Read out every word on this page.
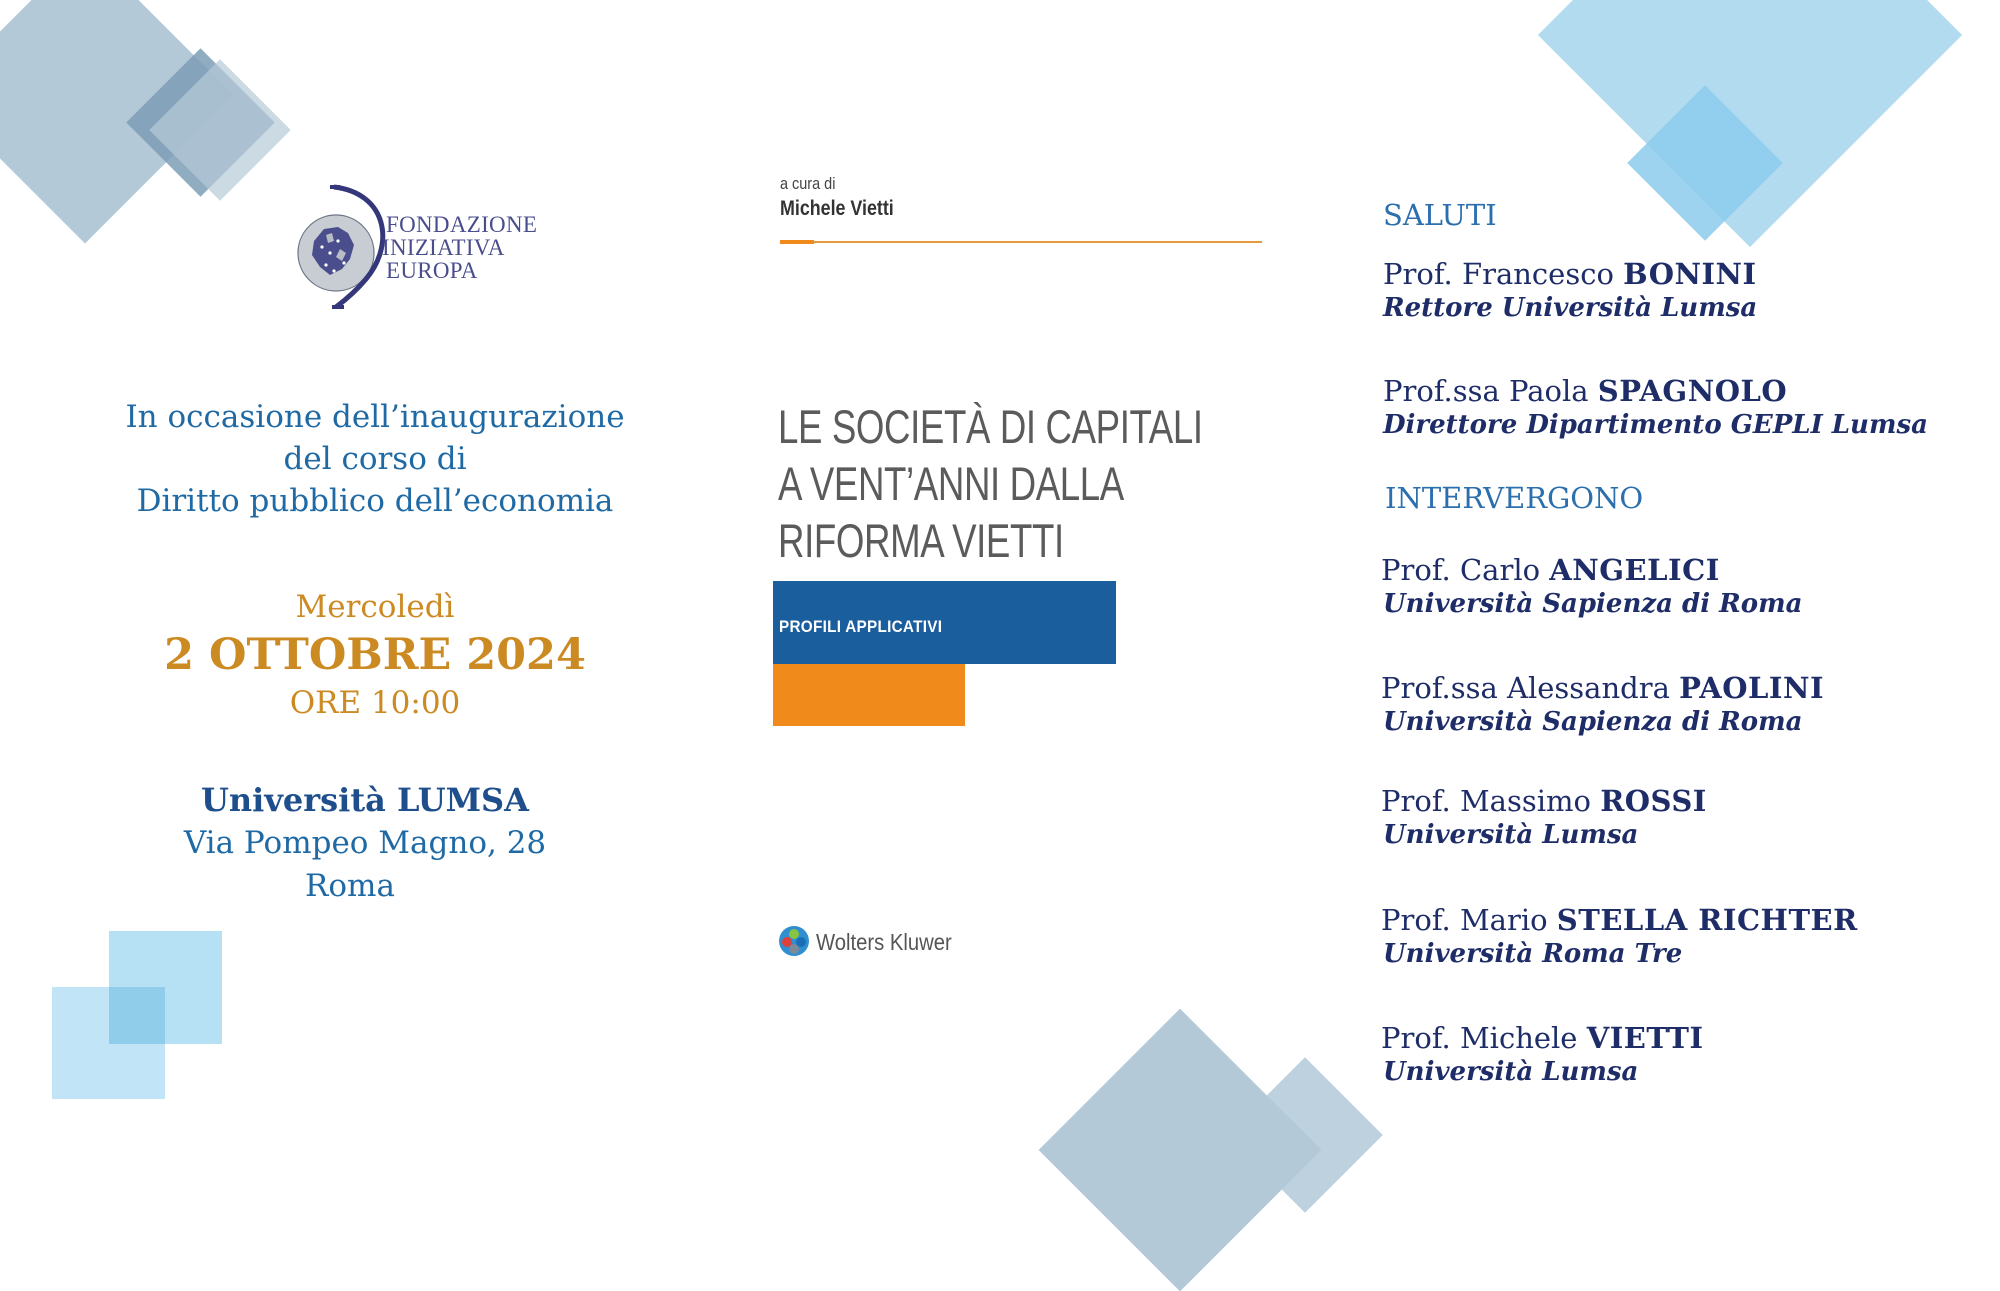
FONDAZIONE
INIZIATIVA
EUROPA
In occasione dell’inaugurazione
del corso di
Diritto pubblico dell’economia
Mercoledì
2 OTTOBRE 2024
ORE 10:00
Università LUMSA
Via Pompeo Magno, 28
Roma
a cura di
Michele Vietti
LE SOCIETÀ DI CAPITALI
A VENT’ANNI DALLA
RIFORMA VIETTI
PROFILI APPLICATIVI
Wolters Kluwer
SALUTI
Prof. Francesco BONINI
Rettore Università Lumsa
Prof.ssa Paola SPAGNOLO
Direttore Dipartimento GEPLI Lumsa
INTERVERGONO
Prof. Carlo ANGELICI
Università Sapienza di Roma
Prof.ssa Alessandra PAOLINI
Università Sapienza di Roma
Prof. Massimo ROSSI
Università Lumsa
Prof. Mario STELLA RICHTER
Università Roma Tre
Prof. Michele VIETTI
Università Lumsa
